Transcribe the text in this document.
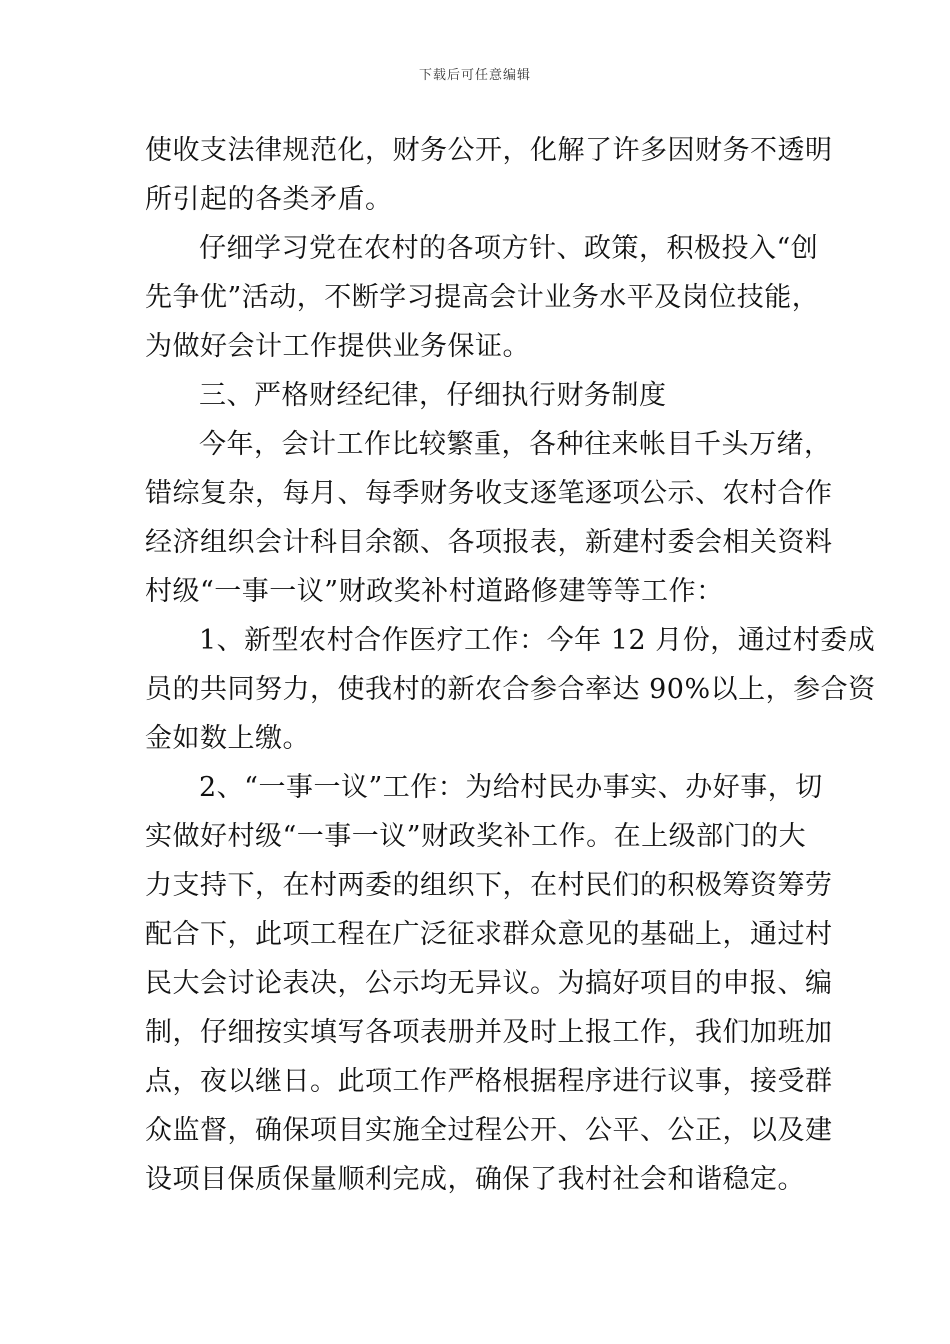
下载后可任意编辑
使收支法律规范化，财务公开，化解了许多因财务不透明
所引起的各类矛盾。
仔细学习党在农村的各项方针、政策，积极投入“创
先争优”活动，不断学习提高会计业务水平及岗位技能，
为做好会计工作提供业务保证。
三、严格财经纪律，仔细执行财务制度
今年，会计工作比较繁重，各种往来帐目千头万绪，
错综复杂，每月、每季财务收支逐笔逐项公示、农村合作
经济组织会计科目余额、各项报表，新建村委会相关资料
村级“一事一议”财政奖补村道路修建等等工作：
1、新型农村合作医疗工作：今年 12 月份，通过村委成
员的共同努力，使我村的新农合参合率达 90%以上，参合资
金如数上缴。
2、“一事一议”工作：为给村民办事实、办好事，切
实做好村级“一事一议”财政奖补工作。在上级部门的大
力支持下，在村两委的组织下，在村民们的积极筹资筹劳
配合下，此项工程在广泛征求群众意见的基础上，通过村
民大会讨论表决，公示均无异议。为搞好项目的申报、编
制，仔细按实填写各项表册并及时上报工作，我们加班加
点，夜以继日。此项工作严格根据程序进行议事，接受群
众监督，确保项目实施全过程公开、公平、公正，以及建
设项目保质保量顺利完成，确保了我村社会和谐稳定。
